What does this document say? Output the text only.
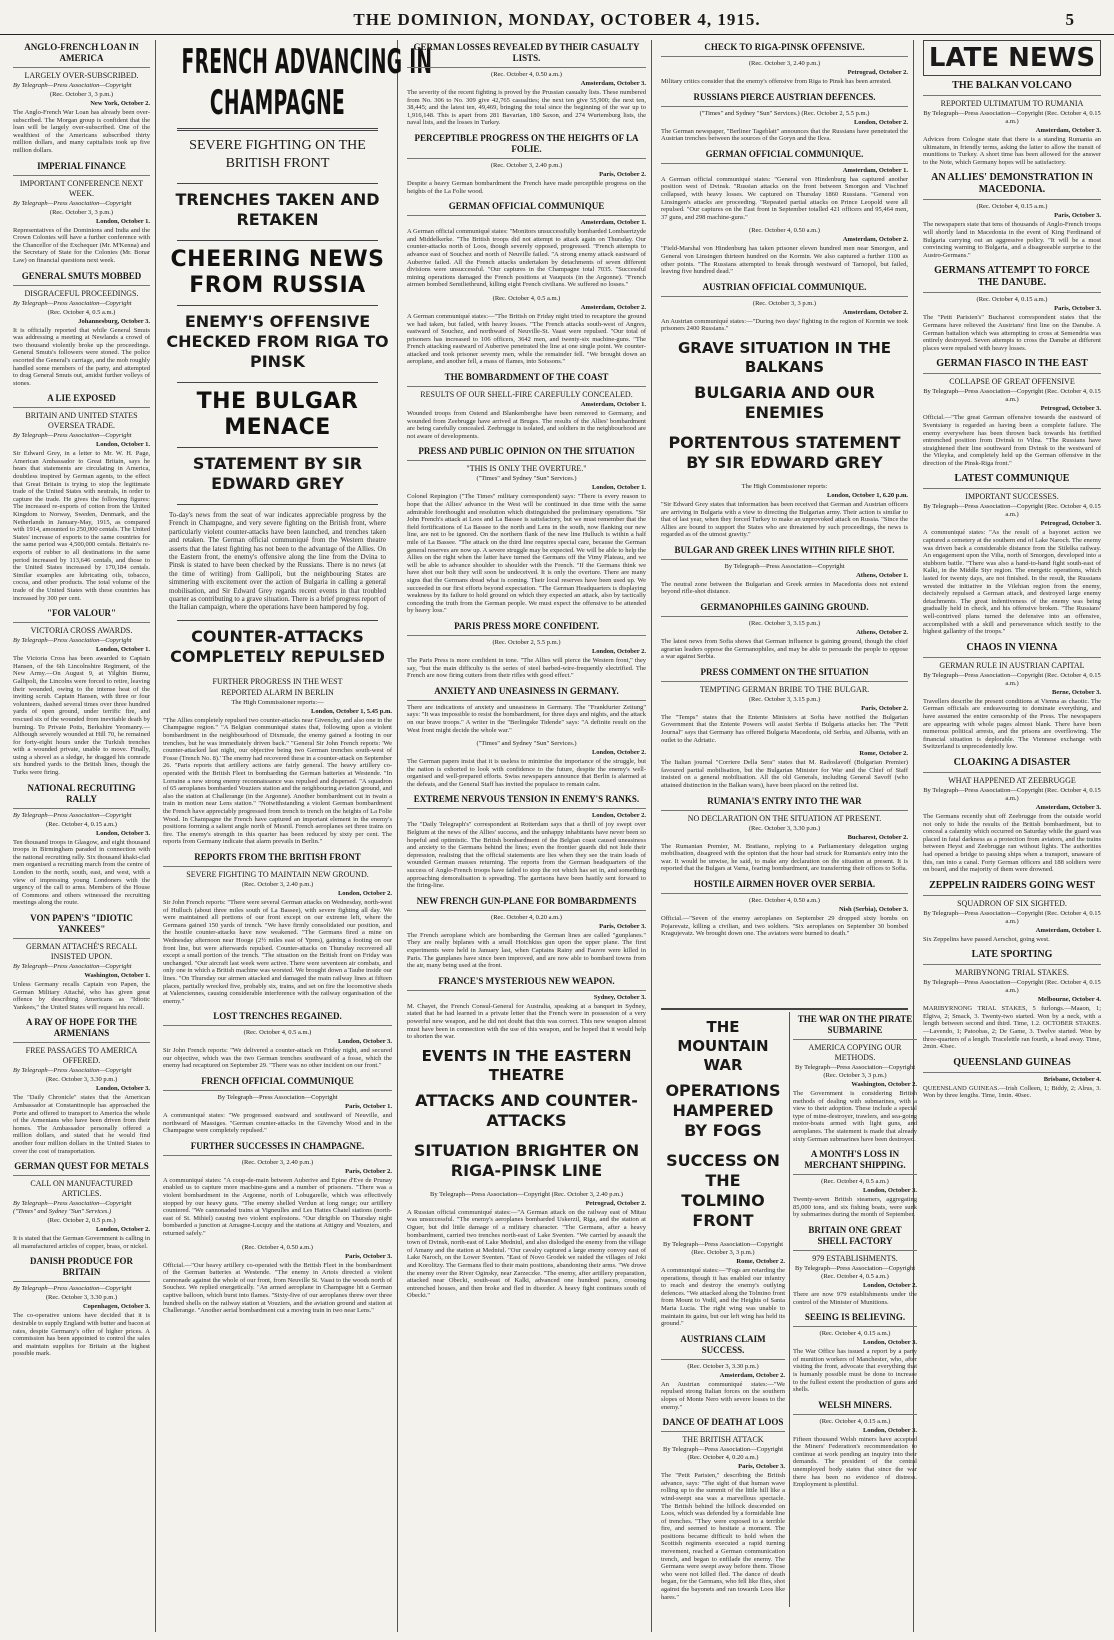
THE DOMINION, MONDAY, OCTOBER 4, 1915.	5
ANGLO-FRENCH LOAN IN AMERICA
LARGELY OVER-SUBSCRIBED.
By Telegraph—Press Association—Copyright
(Rec. October 3, 3 p.m.)
New York, October 2.
The Anglo-French War Loan has already been over-subscribed. The Morgan group is confident that the loan will be largely over-subscribed. One of the wealthiest of the Americans subscribed thirty million dollars, and many capitalists took up five million dollars.
IMPERIAL FINANCE
IMPORTANT CONFERENCE NEXT WEEK.
By Telegraph—Press Association—Copyright
(Rec. October 3, 3 p.m.)
London, October 1.
Representatives of the Dominions and India and the Crown Colonies will have a further conference with the Chancellor of the Exchequer (Mr. M'Kenna) and the Secretary of State for the Colonies (Mr. Bonar Law) on financial questions next week.
GENERAL SMUTS MOBBED
DISGRACEFUL PROCEEDINGS.
By Telegraph—Press Association—Copyright
(Rec. October 4, 0.5 a.m.)
Johannesburg, October 3.
It is officially reported that while General Smuts was addressing a meeting at Newlands a crowd of two thousand violently broke up the proceedings. General Smuts's followers were stoned. The police escorted the General's carriage, and the mob roughly handled some members of the party, and attempted to drag General Smuts out, amidst further volleys of stones.
A LIE EXPOSED
BRITAIN AND UNITED STATES OVERSEA TRADE.
By Telegraph—Press Association—Copyright
London, October 1.
Sir Edward Grey, in a letter to Mr. W. H. Page, American Ambassador to Great Britain, says he hears that statements are circulating in America, doubtless inspired by German agents, to the effect that Great Britain is trying to stop the legitimate trade of the United States with neutrals, in order to capture the trade. He gives the following figures: The increased re-exports of cotton from the United Kingdom to Norway, Sweden, Denmark, and the Netherlands in January-May, 1915, as compared with 1914, amounted to 250,000 centals. The United States' increase of exports to the same countries for the same period was 4,500,000 centals. Britain's re-exports of rubber to all destinations in the same period increased by 113,646 centals, and those to the United States increased by 170,184 centals. Similar examples are lubricating oils, tobacco, cocoa, and other products. The total volume of the trade of the United States with these countries has increased by 300 per cent.
"FOR VALOUR"
VICTORIA CROSS AWARDS.
By Telegraph—Press Association—Copyright
London, October 1.
The Victoria Cross has been awarded to Captain Hansen, of the 6th Lincolnshire Regiment, of the New Army.—On August 9, at Yilghin Burnu, Gallipoli, the Lincolns were forced to retire, leaving their wounded, owing to the intense heat of the inviting scrub. Captain Hansen, with three or four volunteers, dashed several times over three hundred yards of open ground, under terrific fire, and rescued six of the wounded from inevitable death by burning. To Private Potts, Berkshire Yeomanry.—Although severely wounded at Hill 70, he remained for forty-eight hours under the Turkish trenches with a wounded private, unable to move. Finally, using a shovel as a sledge, he dragged his comrade six hundred yards to the British lines, though the Turks were firing.
NATIONAL RECRUITING RALLY
By Telegraph—Press Association—Copyright
(Rec. October 4, 0.15 a.m.)
London, October 3.
Ten thousand troops in Glasgow, and eight thousand troops in Birmingham paraded in connection with the national recruiting rally. Six thousand khaki-clad men organised a recruiting march from the centre of London to the north, south, east, and west, with a view of impressing young Londoners with the urgency of the call to arms. Members of the House of Commons and others witnessed the recruiting meetings along the route.
VON PAPEN'S "IDIOTIC YANKEES"
GERMAN ATTACHÉ'S RECALL INSISTED UPON.
By Telegraph—Press Association—Copyright
Washington, October 1.
Unless Germany recalls Captain von Papen, the German Military Attaché, who has given great offence by describing Americans as "Idiotic Yankees," the United States will request his recall.
A RAY OF HOPE FOR THE ARMENIANS
FREE PASSAGES TO AMERICA OFFERED.
By Telegraph—Press Association—Copyright
(Rec. October 3, 3.30 p.m.)
London, October 3.
The "Daily Chronicle" states that the American Ambassador at Constantinople has approached the Porte and offered to transport to America the whole of the Armenians who have been driven from their homes. The Ambassador personally offered a million dollars, and stated that he would find another four million dollars in the United States to cover the cost of transportation.
GERMAN QUEST FOR METALS
CALL ON MANUFACTURED ARTICLES.
By Telegraph—Press Association—Copyright ("Times" and Sydney "Sun" Services.)
(Rec. October 2, 0.5 p.m.)
London, October 2.
It is stated that the German Government is calling in all manufactured articles of copper, brass, or nickel.
DANISH PRODUCE FOR BRITAIN
By Telegraph—Press Association—Copyright
(Rec. October 3, 3.30 p.m.)
Copenhagen, October 3.
The co-operative unions have decided that it is desirable to supply England with butter and bacon at rates, despite Germany's offer of higher prices. A commission has been appointed to control the sales and maintain supplies for Britain at the highest possible mark.
FRENCH ADVANCING IN
CHAMPAGNE
SEVERE FIGHTING ON THE BRITISH FRONT
TRENCHES TAKEN AND RETAKEN
CHEERING NEWS FROM RUSSIA
ENEMY'S OFFENSIVE CHECKED FROM RIGA TO PINSK
THE BULGAR MENACE
STATEMENT BY SIR EDWARD GREY
To-day's news from the seat of war indicates appreciable progress by the French in Champagne, and very severe fighting on the British front, where particularly violent counter-attacks have been launched, and trenches taken and retaken. The German official communiqué from the Western theatre asserts that the latest fighting has not been to the advantage of the Allies. On the Eastern front, the enemy's offensive along the line from the Dvina to Pinsk is stated to have been checked by the Russians. There is no news (at the time of writing) from Gallipoli, but the neighbouring States are simmering with excitement over the action of Bulgaria in calling a general mobilisation, and Sir Edward Grey regards recent events in that troubled quarter as contributing to a grave situation. There is a brief progress report of the Italian campaign, where the operations have been hampered by fog.
COUNTER-ATTACKS COMPLETELY REPULSED
FURTHER PROGRESS IN THE WEST
REPORTED ALARM IN BERLIN
The High Commissioner reports:—
London, October 1, 5.45 p.m.
"The Allies completely repulsed two counter-attacks near Givenchy, and also one in the Champagne region." "A Belgian communiqué states that, following upon a violent bombardment in the neighbourhood of Dixmude, the enemy gained a footing in our trenches, but he was immediately driven back." "General Sir John French reports: 'We counter-attacked last night, our objective being two German trenches south-west of Fosse (Trench No. 8).' The enemy had recovered these in a counter-attack on September 26. "Paris reports that artillery actions are fairly general. The heavy artillery co-operated with the British Fleet in bombarding the German batteries at Westende. "In Lorraine a new strong enemy reconnaissance was repulsed and dispersed. "A squadron of 65 aeroplanes bombarded Vouziers station and the neighbouring aviation ground, and also the station at Challerange (in the Argonne). Another bombardment cut in twain a train in motion near Lens station." "Notwithstanding a violent German bombardment the French have appreciably progressed from trench to trench on the heights of La Folie Wood. In Champagne the French have captured an important element in the enemy's positions forming a salient angle north of Mesnil. French aeroplanes set three trains on fire. The enemy's strength in this quarter has been reduced by sixty per cent. The reports from Germany indicate that alarm prevails in Berlin."
REPORTS FROM THE BRITISH FRONT
SEVERE FIGHTING TO MAINTAIN NEW GROUND.
(Rec. October 3, 2.40 p.m.)
London, October 2.
Sir John French reports: "There were several German attacks on Wednesday, north-west of Hulluch (about three miles south of La Bassee), with severe fighting all day. We were maintained all portions of our front except on our extreme left, where the Germans gained 150 yards of trench. "We have firmly consolidated our position, and the hostile counter-attacks have now weakened. "The Germans fired a mine on Wednesday afternoon near Hooge (2½ miles east of Ypres), gaining a footing on our front line, but were afterwards repulsed. Counter-attacks on Thursday recovered all except a small portion of the trench. "The situation on the British front on Friday was unchanged. "Our aircraft last week were active. There were seventeen air combats, and only one in which a British machine was worsted. We brought down a Taube inside our lines. "On Thursday our airmen attacked and damaged the main railway lines at fifteen places, partially wrecked five, probably six, trains, and set on fire the locomotive sheds at Valenciennes, causing considerable interference with the railway organisation of the enemy."
LOST TRENCHES REGAINED.
(Rec. October 4, 0.5 a.m.)
London, October 3.
Sir John French reports: "We delivered a counter-attack on Friday night, and secured our objective, which was the two German trenches southward of a fosse, which the enemy had recaptured on September 29. "There was no other incident on our front."
FRENCH OFFICIAL COMMUNIQUE
By Telegraph—Press Association—Copyright
Paris, October 1.
A communiqué states: "We progressed eastward and southward of Neuville, and northward of Massiges. "German counter-attacks in the Givenchy Wood and in the Champagne were completely repulsed."
FURTHER SUCCESSES IN CHAMPAGNE.
(Rec. October 3, 2.40 p.m.)
Paris, October 2.
A communiqué states: "A coup-de-main between Auberive and Epine d'Eve de Prunay enabled us to capture more machine-guns and a number of prisoners. "There was a violent bombardment in the Argonne, north of Lobugarelle, which was effectively stopped by our heavy guns. "The enemy shelled Verdun at long range; our artillery countered. "We cannonaded trains at Vigneulles and Les Hattes Chatel stations (north-east of St. Mihiel) causing two violent explosions. "Our dirigible on Thursday night bombarded a junction at Amagne-Lucquy and the stations at Attigny and Vouziers, and returned safely."
(Rec. October 4, 0.50 a.m.)
Paris, October 3.
Official.—"Our heavy artillery co-operated with the British Fleet in the bombardment of the German batteries at Westende. "The enemy in Artois directed a violent cannonade against the whole of our front, from Neuville St. Vaast to the woods north of Souchez. We replied energetically. "An armed aeroplane in Champagne hit a German captive balloon, which burst into flames. "Sixty-five of our aeroplanes threw over three hundred shells on the railway station at Vouziers, and the aviation ground and station at Challerange. "Another aerial bombardment cut a moving train in two near Lens."
GERMAN LOSSES REVEALED BY THEIR CASUALTY LISTS.
(Rec. October 4, 0.50 a.m.)
Amsterdam, October 3.
The severity of the recent fighting is proved by the Prussian casualty lists. These numbered from No. 306 to No. 309 give 42,765 casualties; the next ten give 55,900; the next ten, 38,445; and the latest ten, 49,469, bringing the total since the beginning of the war up to 1,916,148. This is apart from 281 Bavarian, 180 Saxon, and 274 Wurtemburg lists, the naval lists, and the losses in Turkey.
PERCEPTIBLE PROGRESS ON THE HEIGHTS OF LA FOLIE.
(Rec. October 3, 2.40 p.m.)
Paris, October 2.
Despite a heavy German bombardment the French have made perceptible progress on the heights of the La Folie wood.
GERMAN OFFICIAL COMMUNIQUE
Amsterdam, October 1.
A German official communiqué states: "Monitors unsuccessfully bombarded Lombaertzyde and Middelkerke. "The British troops did not attempt to attack again on Thursday. Our counter-attacks north of Loos, though severely opposed, progressed. "French attempts to advance east of Souchez and north of Neuville failed. "A strong enemy attack eastward of Auberive failed. All the French attacks undertaken by detachments of seven different divisions were unsuccessful. "Our captures in the Champagne total 7035. "Successful mining operations damaged the French positions at Vauquois (in the Argonne). "French airmen bombed Semiliethrund, killing eight French civilians. We suffered no losses."
(Rec. October 4, 0.5 a.m.)
Amsterdam, October 2.
A German communiqué states:—"The British on Friday night tried to recapture the ground we had taken, but failed, with heavy losses. "The French attacks south-west of Angres, eastward of Souchez, and northward of Neuville-St. Vaast were repulsed. "Our total of prisoners has increased to 106 officers, 3642 men, and twenty-six machine-guns. "The French attacking eastward of Auberive penetrated the line at one single point. We counter-attacked and took prisoner seventy men, while the remainder fell. "We brought down an aeroplane, and another fell, a mass of flames, into Soissons."
THE BOMBARDMENT OF THE COAST
RESULTS OF OUR SHELL-FIRE CAREFULLY CONCEALED.
Amsterdam, October 1.
Wounded troops from Ostend and Blankenberghe have been removed to Germany, and wounded from Zeebrugge have arrived at Bruges. The results of the Allies' bombardment are being carefully concealed. Zeebrugge is isolated, and soldiers in the neighbourhood are not aware of developments.
PRESS AND PUBLIC OPINION ON THE SITUATION
"THIS IS ONLY THE OVERTURE."
("Times" and Sydney "Sun" Services.)
London, October 1.
Colonel Repington ("The Times" military correspondent) says: "There is every reason to hope that the Allies' advance in the West will be continued in due time with the same admirable forethought and resolution which distinguished the preliminary operations. "Sir John French's attack at Loos and La Bassee is satisfactory, but we must remember that the field fortifications of La Bassee to the north and Lens in the south, now flanking our new line, are not to be ignored. On the northern flank of the new line Hulluch is within a half mile of La Bassee. "The attack on the third line requires special care, because the German general reserves are now up. A severe struggle may be expected. We will be able to help the Allies on the right when the latter have turned the Germans off the Vimy Plateau, and we will be able to advance shoulder to shoulder with the French. "If the Germans think we have shot our bolt they will soon be undeceived. It is only the overture. There are many signs that the Germans dread what is coming. Their local reserves have been used up. We succeeded in our first efforts beyond expectation. "The German Headquarters is displaying weakness by its failure to hold ground on which they expected an attack, also by tactically conceding the truth from the German people. We must expect the offensive to be attended by heavy loss."
PARIS PRESS MORE CONFIDENT.
(Rec. October 2, 5.5 p.m.)
London, October 2.
The Paris Press is more confident in tone. "The Allies will pierce the Western front," they say, "but the main difficulty is the series of steel barbed-wire-frequently electrified. The French are now firing cutters from their rifles with good effect."
ANXIETY AND UNEASINESS IN GERMANY.
There are indications of anxiety and uneasiness in Germany. The "Frankfurter Zeitung" says: "It was impossible to resist the bombardment, for three days and nights, and the attack on our brave troops." A writer in the "Berlingske Tidende" says: "A definite result on the West front might decide the whole war."
("Times" and Sydney "Sun" Services.)
London, October 2.
The German papers insist that it is useless to minimise the importance of the struggle, but the nation is exhorted to look with confidence to the future, despite the enemy's well-organised and well-prepared efforts. Swiss newspapers announce that Berlin is alarmed at the defeats, and the General Staff has invited the populace to remain calm.
EXTREME NERVOUS TENSION IN ENEMY'S RANKS.
London, October 2.
The "Daily Telegraph's" correspondent at Rotterdam says that a thrill of joy swept over Belgium at the news of the Allies' success, and the unhappy inhabitants have never been so hopeful and optimistic. The British bombardment of the Belgian coast caused uneasiness and anxiety to the Germans behind the lines; even the frontier guards did not hide their depression, realising that the official statements are lies when they see the train loads of wounded German masses returning. The reports from the German headquarters of the success of Anglo-French troops have failed to stop the rot which has set in, and something approaching demoralisation is spreading. The garrisons have been hastily sent forward to the firing-line.
NEW FRENCH GUN-PLANE FOR BOMBARDMENTS
(Rec. October 4, 0.20 a.m.)
Paris, October 3.
The French aeroplane which are bombarding the German lines are called "gunplanes." They are really biplanes with a small Hotchkiss gun upon the upper plane. The first experiments were held in January last, when Captains Rainy and Fauvre were killed in Paris. The gunplanes have since been improved, and are now able to bombard towns from the air, many being used at the front.
FRANCE'S MYSTERIOUS NEW WEAPON.
Sydney, October 3.
M. Chayet, the French Consul-General for Australia, speaking at a banquet in Sydney, stated that he had learned in a private letter that the French were in possession of a very powerful new weapon, and he did not doubt that this was correct. This new weapon almost must have been in connection with the use of this weapon, and he hoped that it would help to shorten the war.
EVENTS IN THE EASTERN THEATRE
ATTACKS AND COUNTER-ATTACKS
SITUATION BRIGHTER ON RIGA-PINSK LINE
By Telegraph—Press Association—Copyright (Rec. October 3, 2.40 p.m.)
Petrograd, October 2.
A Russian official communiqué states:—"A German attack on the railway east of Mitau was unsuccessful. "The enemy's aeroplanes bombarded Uskerzil, Riga, and the station at Oguer, but did little damage of a military character. "The Germans, after a heavy bombardment, carried two trenches north-east of Lake Sventen. "We carried by assault the town of Dvinsk, north-east of Lake Medniul, and also dislodged the enemy from the village of Amany and the station at Medniul. "Our cavalry captured a large enemy convoy east of Lake Naroch, on the Lower Sventen. "East of Novo Grodek we raided the villages of Joki and Korolitzy. The Germans fled to their main positions, abandoning their arms. "We drove the enemy over the River Oginsky, near Zarzeczke. "The enemy, after artillery preparation, attacked near Obecki, south-east of Kalki, advanced one hundred paces, crossing entrenched houses, and then broke and fled in disorder. A heavy fight continues south of Obecki."
CHECK TO RIGA-PINSK OFFENSIVE.
(Rec. October 3, 2.40 p.m.)
Petrograd, October 2.
Military critics consider that the enemy's offensive from Riga to Pinsk has been arrested.
RUSSIANS PIERCE AUSTRIAN DEFENCES.
("Times" and Sydney "Sun" Services.) (Rec. October 2, 5.5 p.m.)
London, October 2.
The German newspaper, "Berliner Tageblatt" announces that the Russians have penetrated the Austrian trenches between the sources of the Goryn and the Ikva.
GERMAN OFFICIAL COMMUNIQUE.
Amsterdam, October 1.
A German official communiqué states: "General von Hindenburg has captured another position west of Dvinsk. "Russian attacks on the front between Smorgon and Vischnef collapsed, with heavy losses. We captured on Thursday 1860 Russians. "General von Linsingen's attacks are proceeding. "Repeated partial attacks on Prince Leopold were all repulsed. "Our captures on the East front in September totalled 421 officers and 95,464 men, 37 guns, and 298 machine-guns."
(Rec. October 4, 0.50 a.m.)
Amsterdam, October 2.
"Field-Marshal von Hindenburg has taken prisoner eleven hundred men near Smorgon, and General von Linsingen thirteen hundred on the Kormin. We also captured a further 1100 as other points. "The Russians attempted to break through westward of Tarnopol, but failed, leaving five hundred dead."
AUSTRIAN OFFICIAL COMMUNIQUE.
(Rec. October 3, 3 p.m.)
Amsterdam, October 2.
An Austrian communiqué states:—"During two days' fighting in the region of Kormin we took prisoners 2400 Russians."
GRAVE SITUATION IN THE BALKANS
BULGARIA AND OUR ENEMIES
PORTENTOUS STATEMENT BY SIR EDWARD GREY
The High Commissioner reports:
London, October 1, 6.20 p.m.
"Sir Edward Grey states that information has been received that German and Austrian officers are arriving in Bulgaria with a view to directing the Bulgarian army. Their action is similar to that of last year, when they forced Turkey to make an unprovoked attack on Russia. "Since the Allies are bound to support the States who are threatened by such proceedings, the news is regarded as of the utmost gravity."
BULGAR AND GREEK LINES WITHIN RIFLE SHOT.
By Telegraph—Press Association—Copyright
Athens, October 1.
The neutral zone between the Bulgarian and Greek armies in Macedonia does not extend beyond rifle-shot distance.
GERMANOPHILES GAINING GROUND.
(Rec. October 3, 3.15 p.m.)
Athens, October 2.
The latest news from Sofia shows that German influence is gaining ground, though the chief agrarian leaders oppose the Germanophiles, and may be able to persuade the people to oppose a war against Serbia.
PRESS COMMENT ON THE SITUATION
TEMPTING GERMAN BRIBE TO THE BULGAR.
(Rec. October 3, 3.15 p.m.)
Paris, October 2.
The "Temps" states that the Entente Ministers at Sofia have notified the Bulgarian Government that the Entente Powers will assist Serbia if Bulgaria attacks her. The "Petit Journal" says that Germany has offered Bulgaria Macedonia, old Serbia, and Albania, with an outlet to the Adriatic.
Rome, October 2.
The Italian journal "Corriere Della Sera" states that M. Radoslavoff (Bulgarian Premier) favoured partial mobilisation, but the Bulgarian Minister for War and the Chief of Staff insisted on a general mobilisation. All the old Generals, including General Savoff (who attained distinction in the Balkan wars), have been placed on the retired list.
RUMANIA'S ENTRY INTO THE WAR
NO DECLARATION ON THE SITUATION AT PRESENT.
(Rec. October 3, 3.30 p.m.)
Bucharest, October 2.
The Rumanian Premier, M. Bratiano, replying to a Parliamentary delegation urging mobilisation, disagreed with the opinion that the hour had struck for Rumania's entry into the war. It would be unwise, he said, to make any declaration on the situation at present. It is reported that the Bulgars at Varna, fearing bombardment, are transferring their offices to Sofia.
HOSTILE AIRMEN HOVER OVER SERBIA.
(Rec. October 4, 0.50 a.m.)
Nish (Serbia), October 3.
Official.—"Seven of the enemy aeroplanes on September 29 dropped sixty bombs on Pojarevatz, killing a civilian, and two soldiers. "Six aeroplanes on September 30 bombed Kragujevatz. We brought down one. The aviators were burned to death."
THE MOUNTAIN WAR
OPERATIONS HAMPERED BY FOGS
SUCCESS ON THE TOLMINO FRONT
By Telegraph—Press Association—Copyright (Rec. October 3, 3 p.m.)
Rome, October 2.
A communiqué states:—"Fogs are retarding the operations, though it has enabled our infantry to reach and destroy the enemy's outlying defences. "We attacked along the Tolmino front from Mount to Vodil, and the Heights of Santa Maria Lucia. The right wing was unable to maintain its gains, but our left wing has held its ground."
AUSTRIANS CLAIM SUCCESS.
(Rec. October 3, 3.30 p.m.)
Amsterdam, October 2.
An Austrian communiqué states:—"We repulsed strong Italian forces on the southern slopes of Monte Nero with severe losses to the enemy."
DANCE OF DEATH AT LOOS
THE BRITISH ATTACK
By Telegraph—Press Association—Copyright (Rec. October 4, 0.20 a.m.)
Paris, October 3.
The "Petit Parisien," describing the British advance, says: "The sight of that human wave rolling up to the summit of the little hill like a wind-swept sea was a marvellous spectacle. The British behind the hillock descended on Loos, which was defended by a formidable line of trenches. "They were exposed to a terrible fire, and seemed to hesitate a moment. The positions became difficult to hold when the Scottish regiments executed a rapid turning movement, reached a German communication trench, and began to enfilade the enemy. The Germans were swept away before them. Those who were not killed fled. The dance of death began, for the Germans, who fell like flies, shot against the bayonets and ran towards Loos like hares."
THE WAR ON THE PIRATE SUBMARINE
AMERICA COPYING OUR METHODS.
By Telegraph—Press Association—Copyright (Rec. October 3, 3 p.m.)
Washington, October 2.
The Government is considering British methods of dealing with submarines, with a view to their adoption. These include a special type of mine-destroyer, trawlers, and sea-going motor-boats armed with light guns, and aeroplanes. The statement is made that already sixty German submarines have been destroyed.
A MONTH'S LOSS IN MERCHANT SHIPPING.
(Rec. October 4, 0.5 a.m.)
London, October 3.
Twenty-seven British steamers, aggregating 85,000 tons, and six fishing boats, were sunk by submarines during the month of September.
BRITAIN ONE GREAT SHELL FACTORY
979 ESTABLISHMENTS.
By Telegraph—Press Association—Copyright (Rec. October 4, 0.5 a.m.)
London, October 2.
There are now 979 establishments under the control of the Minister of Munitions.
SEEING IS BELIEVING.
(Rec. October 4, 0.15 a.m.)
London, October 3.
The War Office has issued a report by a party of munition workers of Manchester, who, after visiting the front, advocate that everything that is humanly possible must be done to increase to the fullest extent the production of guns and shells.
WELSH MINERS.
(Rec. October 4, 0.15 a.m.)
London, October 3.
Fifteen thousand Welsh miners have accepted the Miners' Federation's recommendation to continue at work pending an inquiry into their demands. The president of the central unemployed body states that since the war there has been no evidence of distress. Employment is plentiful.
LATE NEWS
THE BALKAN VOLCANO
REPORTED ULTIMATUM TO RUMANIA
By Telegraph—Press Association—Copyright (Rec. October 4, 0.15 a.m.)
Amsterdam, October 3.
Advices from Cologne state that there is a standing Rumania an ultimatum, in friendly terms, asking the latter to allow the transit of munitions to Turkey. A short time has been allowed for the answer to the Note, which Germany hopes will be satisfactory.
AN ALLIES' DEMONSTRATION IN MACEDONIA.
(Rec. October 4, 0.15 a.m.)
Paris, October 3.
The newspapers state that tens of thousands of Anglo-French troops will shortly land in Macedonia in the event of King Ferdinand of Bulgaria carrying out an aggressive policy. "It will be a most convincing warning to Bulgaria, and a disagreeable surprise to the Austro-Germans."
GERMANS ATTEMPT TO FORCE THE DANUBE.
(Rec. October 4, 0.15 a.m.)
Paris, October 3.
The "Petit Parisien's" Bucharest correspondent states that the Germans have relieved the Austrians' first line on the Danube. A German battalion which was attempting to cross at Semendria was entirely destroyed. Seven attempts to cross the Danube at different places were repulsed with heavy losses.
GERMAN FIASCO IN THE EAST
COLLAPSE OF GREAT OFFENSIVE
By Telegraph—Press Association—Copyright (Rec. October 4, 0.15 a.m.)
Petrograd, October 3.
Official.—"The great German offensive towards the eastward of Sventsiany is regarded as having been a complete failure. The enemy everywhere has been thrown back towards his fortified entrenched position from Dvinsk to Vilna. "The Russians have straightened their line southward from Dvinsk to the westward of the Vileyka, and completely held up the German offensive in the direction of the Pinsk-Riga front."
LATEST COMMUNIQUE
IMPORTANT SUCCESSES.
By Telegraph—Press Association—Copyright (Rec. October 4, 0.15 a.m.)
Petrograd, October 3.
A communiqué states: "As the result of a bayonet action we captured a cemetery at the southern end of Lake Naroch. The enemy was driven back a considerable distance from the Stilelka railway. An engagement upon the Vilia, north of Smorgon, developed into a stubborn battle. "There was also a hand-to-hand fight south-east of Kalki, in the Middle Styr region. The energetic operations, which lasted for twenty days, are not finished. In the result, the Russians wrested the initiative in the Vilehian region from the enemy, decisively repulsed a German attack, and destroyed large enemy detachments. The great indentiveness of the enemy was being gradually held in check, and his offensive broken. "The Russians' well-contrived plans turned the defensive into an offensive, accomplished with a skill and perseverance which testify to the highest gallantry of the troops."
CHAOS IN VIENNA
GERMAN RULE IN AUSTRIAN CAPITAL
By Telegraph—Press Association—Copyright (Rec. October 4, 0.15 a.m.)
Berne, October 3.
Travellers describe the present conditions at Vienna as chaotic. The German officials are endeavouring to dominate everything, and have assumed the entire censorship of the Press. The newspapers are appearing with whole pages almost blank. There have been numerous political arrests, and the prisons are overflowing. The financial situation is deplorable. The Viennese exchange with Switzerland is unprecedentedly low.
CLOAKING A DISASTER
WHAT HAPPENED AT ZEEBRUGGE
By Telegraph—Press Association—Copyright (Rec. October 4, 0.15 a.m.)
Amsterdam, October 3.
The Germans recently shut off Zeebrugge from the outside world not only to hide the results of the British bombardment, but to conceal a calamity which occurred on Saturday while the guard was placed in fatal darkness as a protection from aviators, and the trains between Heyst and Zeebrugge ran without lights. The authorities had opened a bridge to passing ships when a transport, unaware of this, ran into a canal. Forty German officers and 188 soldiers were on board, and the majority of them were drowned.
ZEPPELIN RAIDERS GOING WEST
SQUADRON OF SIX SIGHTED.
By Telegraph—Press Association—Copyright (Rec. October 4, 0.15 a.m.)
Amsterdam, October 1.
Six Zeppelins have passed Aerschot, going west.
LATE SPORTING
MARIBYNONG TRIAL STAKES.
By Telegraph—Press Association—Copyright (Rec. October 4, 0.15 a.m.)
Melbourne, October 4.
MARIBYRNONG TRIAL STAKES, 5 furlongs.—Maaon, 1; Elgiva, 2; Smack, 3. Twenty-two started. Won by a neck, with a length between second and third. Time, 1.2. OCTOBER STAKES.—Lavendo, 1; Patoobas, 2; De Game, 3. Twelve started. Won by three-quarters of a length. Tracelettle ran fourth, a head away. Time, 2min. 43sec.
QUEENSLAND GUINEAS
Brisbane, October 4.
QUEENSLAND GUINEAS.—Irish Colleen, 1; Biddy, 2; Alrus, 3. Won by three lengths. Time, 1min. 40sec.
